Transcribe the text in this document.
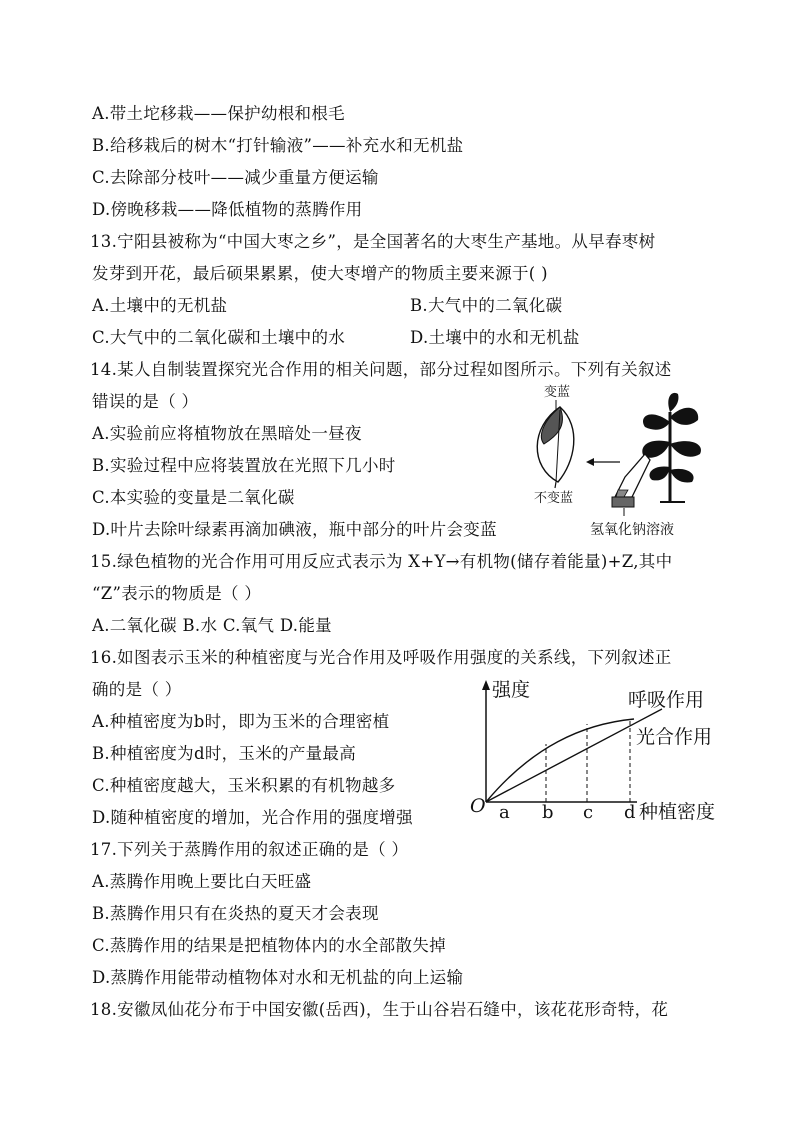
A.带土坨移栽——保护幼根和根毛
B.给移栽后的树木“打针输液”——补充水和无机盐
C.去除部分枝叶——减少重量方便运输
D.傍晚移栽——降低植物的蒸腾作用
13.宁阳县被称为“中国大枣之乡”，是全国著名的大枣生产基地。从早春枣树
发芽到开花，最后硕果累累，使大枣增产的物质主要来源于( )
A.土壤中的无机盐	B.大气中的二氧化碳
C.大气中的二氧化碳和土壤中的水	D.土壤中的水和无机盐
14.某人自制装置探究光合作用的相关问题，部分过程如图所示。下列有关叙述
错误的是（ ）
A.实验前应将植物放在黑暗处一昼夜
B.实验过程中应将装置放在光照下几小时
C.本实验的变量是二氧化碳
D.叶片去除叶绿素再滴加碘液，瓶中部分的叶片会变蓝
变蓝
不变蓝
氢氧化钠溶液
15.绿色植物的光合作用可用反应式表示为 X+Y→有机物(储存着能量)+Z,其中
“Z”表示的物质是（ ）
A.二氧化碳 B.水 C.氧气 D.能量
16.如图表示玉米的种植密度与光合作用及呼吸作用强度的关系线，下列叙述正
确的是（ ）
A.种植密度为b时，即为玉米的合理密植
B.种植密度为d时，玉米的产量最高
C.种植密度越大，玉米积累的有机物越多
D.随种植密度的增加，光合作用的强度增强
强度	呼吸作用
光合作用
O a b c d 种植密度
17.下列关于蒸腾作用的叙述正确的是（ ）
A.蒸腾作用晚上要比白天旺盛
B.蒸腾作用只有在炎热的夏天才会表现
C.蒸腾作用的结果是把植物体内的水全部散失掉
D.蒸腾作用能带动植物体对水和无机盐的向上运输
18.安徽凤仙花分布于中国安徽(岳西)，生于山谷岩石缝中，该花花形奇特，花
